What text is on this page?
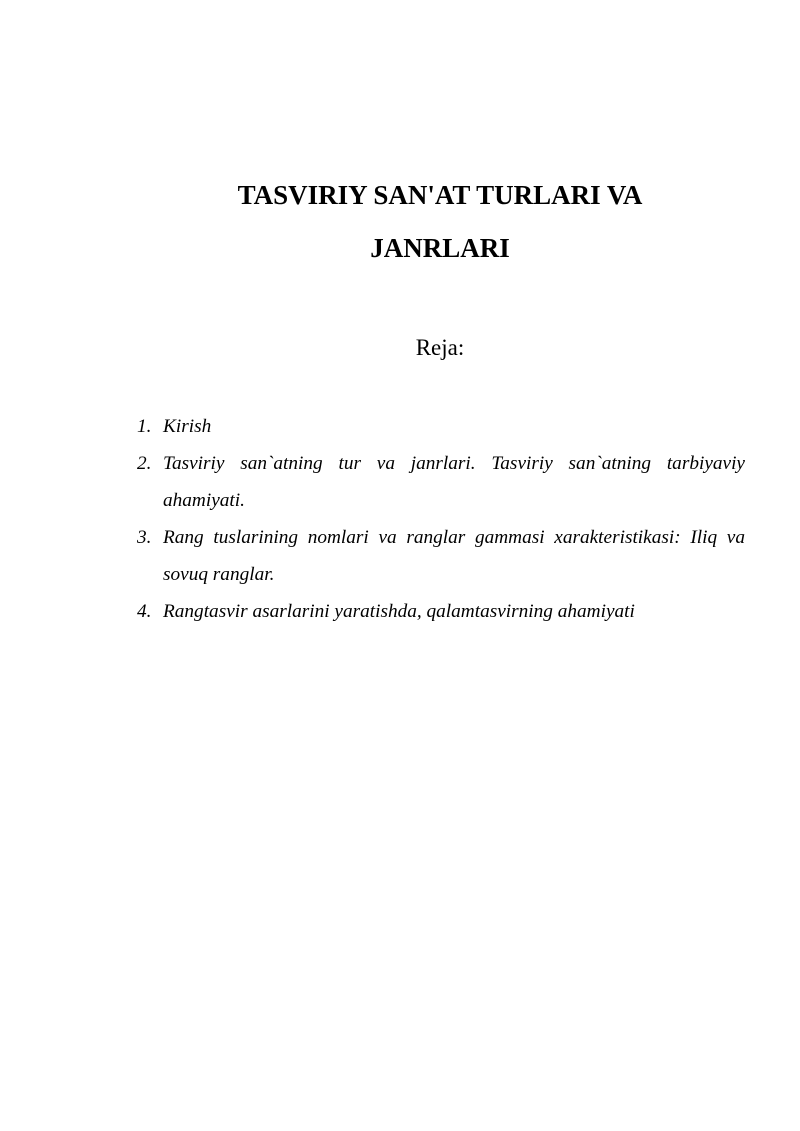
TASVIRIY SAN'AT TURLARI VA
JANRLARI

Reja:

1. Kirish
2. Tasviriy san`atning tur va janrlari. Tasviriy san`atning tarbiyaviy ahamiyati.
3. Rang tuslarining nomlari va ranglar gammasi xarakteristikasi: Iliq va sovuq ranglar.
4. Rangtasvir asarlarini yaratishda, qalamtasvirning ahamiyati
